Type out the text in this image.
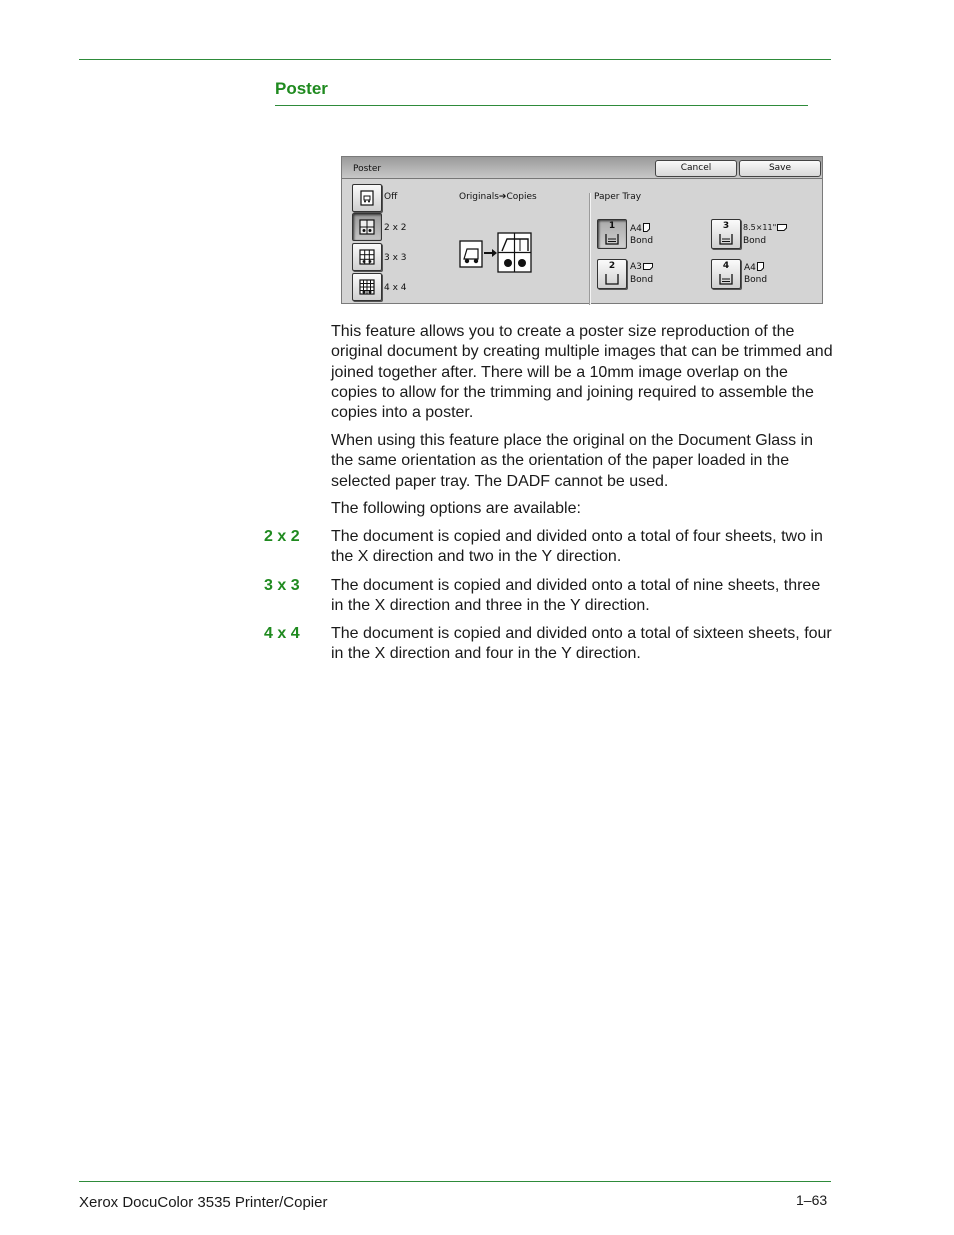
Poster
Poster	Cancel	Save
Off
2 x 2
3 x 3
4 x 4
Originals➔Copies	Paper Tray
1	A4
Bond
3	8.5×11"
Bond
2	A3
Bond
4	A4
Bond

This feature allows you to create a poster size reproduction of the original document by creating multiple images that can be trimmed and joined together after. There will be a 10mm image overlap on the copies to allow for the trimming and joining required to assemble the copies into a poster.

When using this feature place the original on the Document Glass in the same orientation as the orientation of the paper loaded in the selected paper tray. The DADF cannot be used.

The following options are available:

2 x 2 The document is copied and divided onto a total of four sheets, two in the X direction and two in the Y direction.

3 x 3 The document is copied and divided onto a total of nine sheets, three in the X direction and three in the Y direction.

4 x 4 The document is copied and divided onto a total of sixteen sheets, four in the X direction and four in the Y direction.

Xerox DocuColor 3535 Printer/Copier	1–63
